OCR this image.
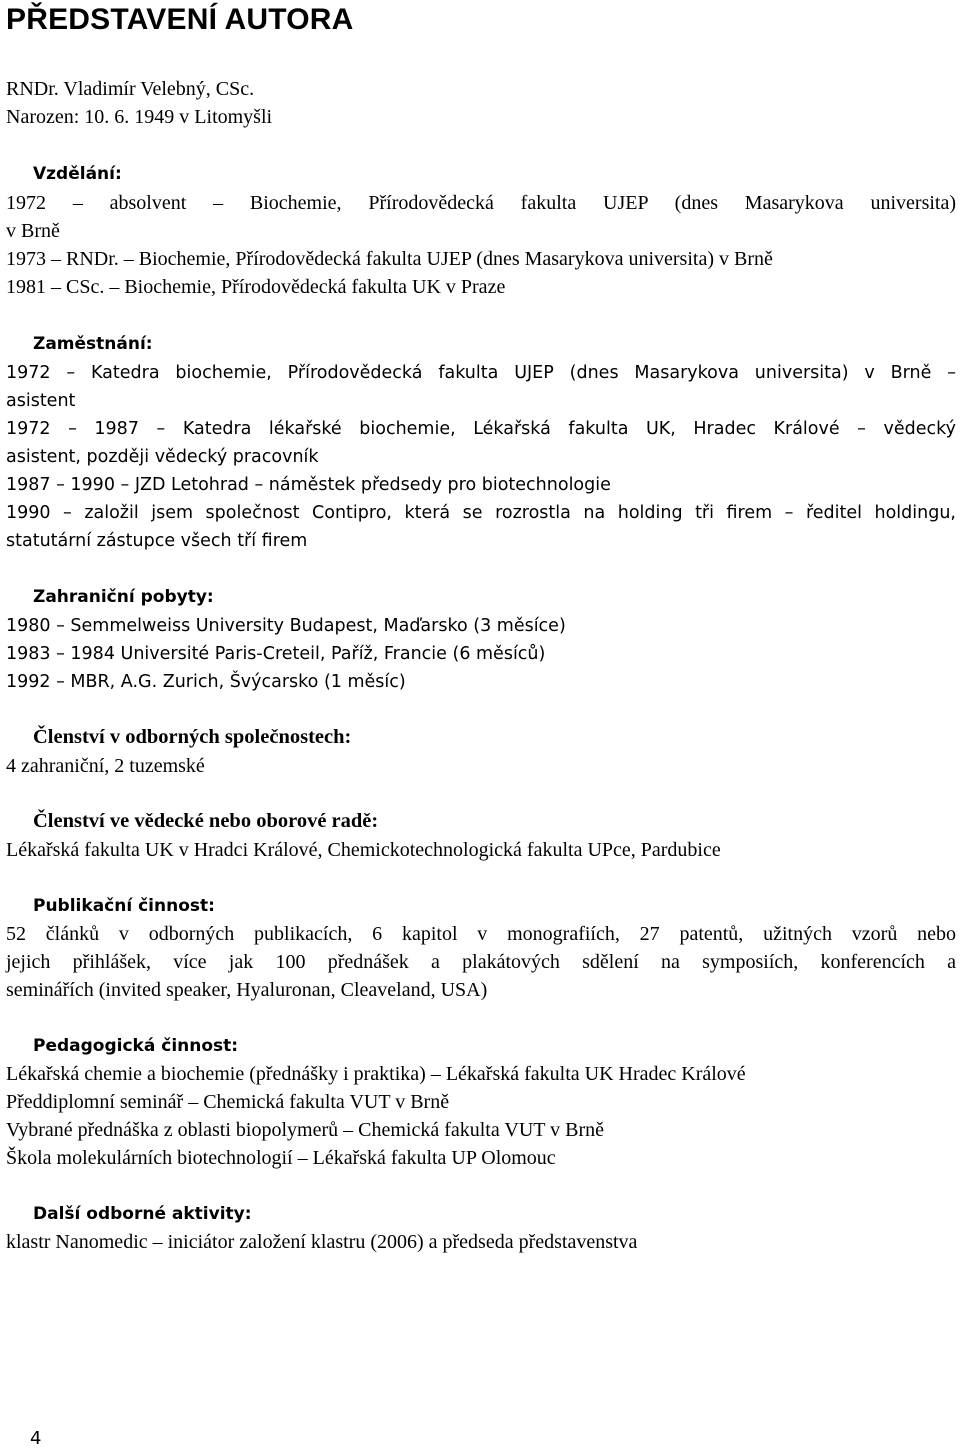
PŘEDSTAVENÍ AUTORA
RNDr. Vladimír Velebný, CSc.
Narozen: 10. 6. 1949 v Litomyšli
Vzdělání:
1972 – absolvent – Biochemie, Přírodovědecká fakulta UJEP (dnes Masarykova universita)
v Brně
1973 – RNDr. – Biochemie, Přírodovědecká fakulta UJEP (dnes Masarykova universita) v Brně
1981 – CSc. – Biochemie, Přírodovědecká fakulta UK v Praze
Zaměstnání:
1972 – Katedra biochemie, Přírodovědecká fakulta UJEP (dnes Masarykova universita) v Brně –
asistent
1972 – 1987 – Katedra lékařské biochemie, Lékařská fakulta UK, Hradec Králové – vědecký
asistent, později vědecký pracovník
1987 – 1990 – JZD Letohrad – náměstek předsedy pro biotechnologie
1990 – založil jsem společnost Contipro, která se rozrostla na holding tři firem – ředitel holdingu,
statutární zástupce všech tří firem
Zahraniční pobyty:
1980 – Semmelweiss University Budapest, Maďarsko (3 měsíce)
1983 – 1984 Université Paris-Creteil, Paříž, Francie (6 měsíců)
1992 – MBR, A.G. Zurich, Švýcarsko (1 měsíc)
Členství v odborných společnostech:
4 zahraniční, 2 tuzemské
Členství ve vědecké nebo oborové radě:
Lékařská fakulta UK v Hradci Králové, Chemickotechnologická fakulta UPce, Pardubice
Publikační činnost:
52 článků v odborných publikacích, 6 kapitol v monografiích, 27 patentů, užitných vzorů nebo
jejich přihlášek, více jak 100 přednášek a plakátových sdělení na symposiích, konferencích a
seminářích (invited speaker, Hyaluronan, Cleaveland, USA)
Pedagogická činnost:
Lékařská chemie a biochemie (přednášky i praktika) – Lékařská fakulta UK Hradec Králové
Předdiplomní seminář – Chemická fakulta VUT v Brně
Vybrané přednáška z oblasti biopolymerů – Chemická fakulta VUT v Brně
Škola molekulárních biotechnologií – Lékařská fakulta UP Olomouc
Další odborné aktivity:
klastr Nanomedic – iniciátor založení klastru (2006) a předseda představenstva
4
